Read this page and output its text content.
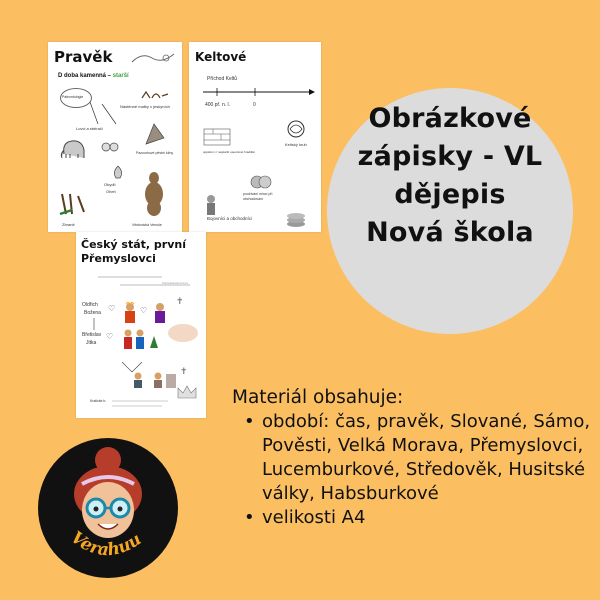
Pravěk
D doba kamenná – starší
Paleontologie
Nástěnné malby v jeskyních
Lovci a sběrači
Pazourkové pěstní klíny
Obydlí
Oheň
Zbraně	Věstonická Venuše
Keltové
Příchod Keltů
400 př. n. l.	0
oppidum = nejstarší opevněné hradiště
Keltský kruh
používání mincí při obchodování
Bojovníci a obchodníci
Český stát, první
Přemyslovci
Oldřich
Božena ♡
Břetislav
Jitka
♡
♡
✝
✝
Kralické b.
Svatováclavská koruna
Obrázkové
zápisky - VL
dějepis
Nová škola

Materiál obsahuje:

• období: čas, pravěk, Slované, Sámo, Pověsti, Velká Morava, Přemyslovci, Lucemburkové, Středověk, Husitské války, Habsburkové
• velikosti A4
Verahuu
